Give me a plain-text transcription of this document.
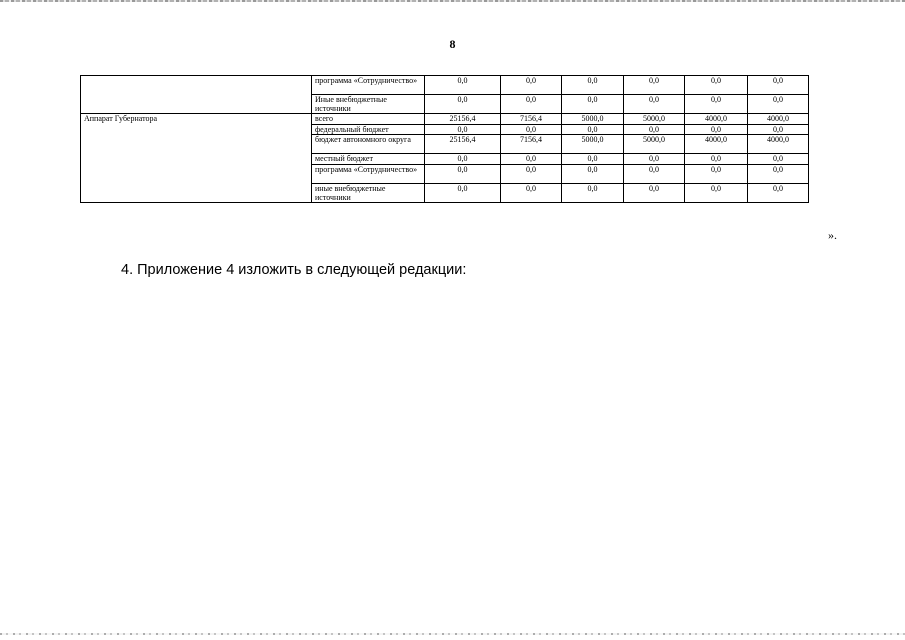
8
	программа «Сотрудничество»	0,0	0,0	0,0	0,0	0,0	0,0
	Иные внебюджетные источники	0,0	0,0	0,0	0,0	0,0	0,0
Аппарат Губернатора	всего	25156,4	7156,4	5000,0	5000,0	4000,0	4000,0
	федеральный бюджет	0,0	0,0	0,0	0,0	0,0	0,0
	бюджет автономного округа	25156,4	7156,4	5000,0	5000,0	4000,0	4000,0
	местный бюджет	0,0	0,0	0,0	0,0	0,0	0,0
	программа «Сотрудничество»	0,0	0,0	0,0	0,0	0,0	0,0
	иные внебюджетные источники	0,0	0,0	0,0	0,0	0,0	0,0
».
4. Приложение 4 изложить в следующей редакции:
